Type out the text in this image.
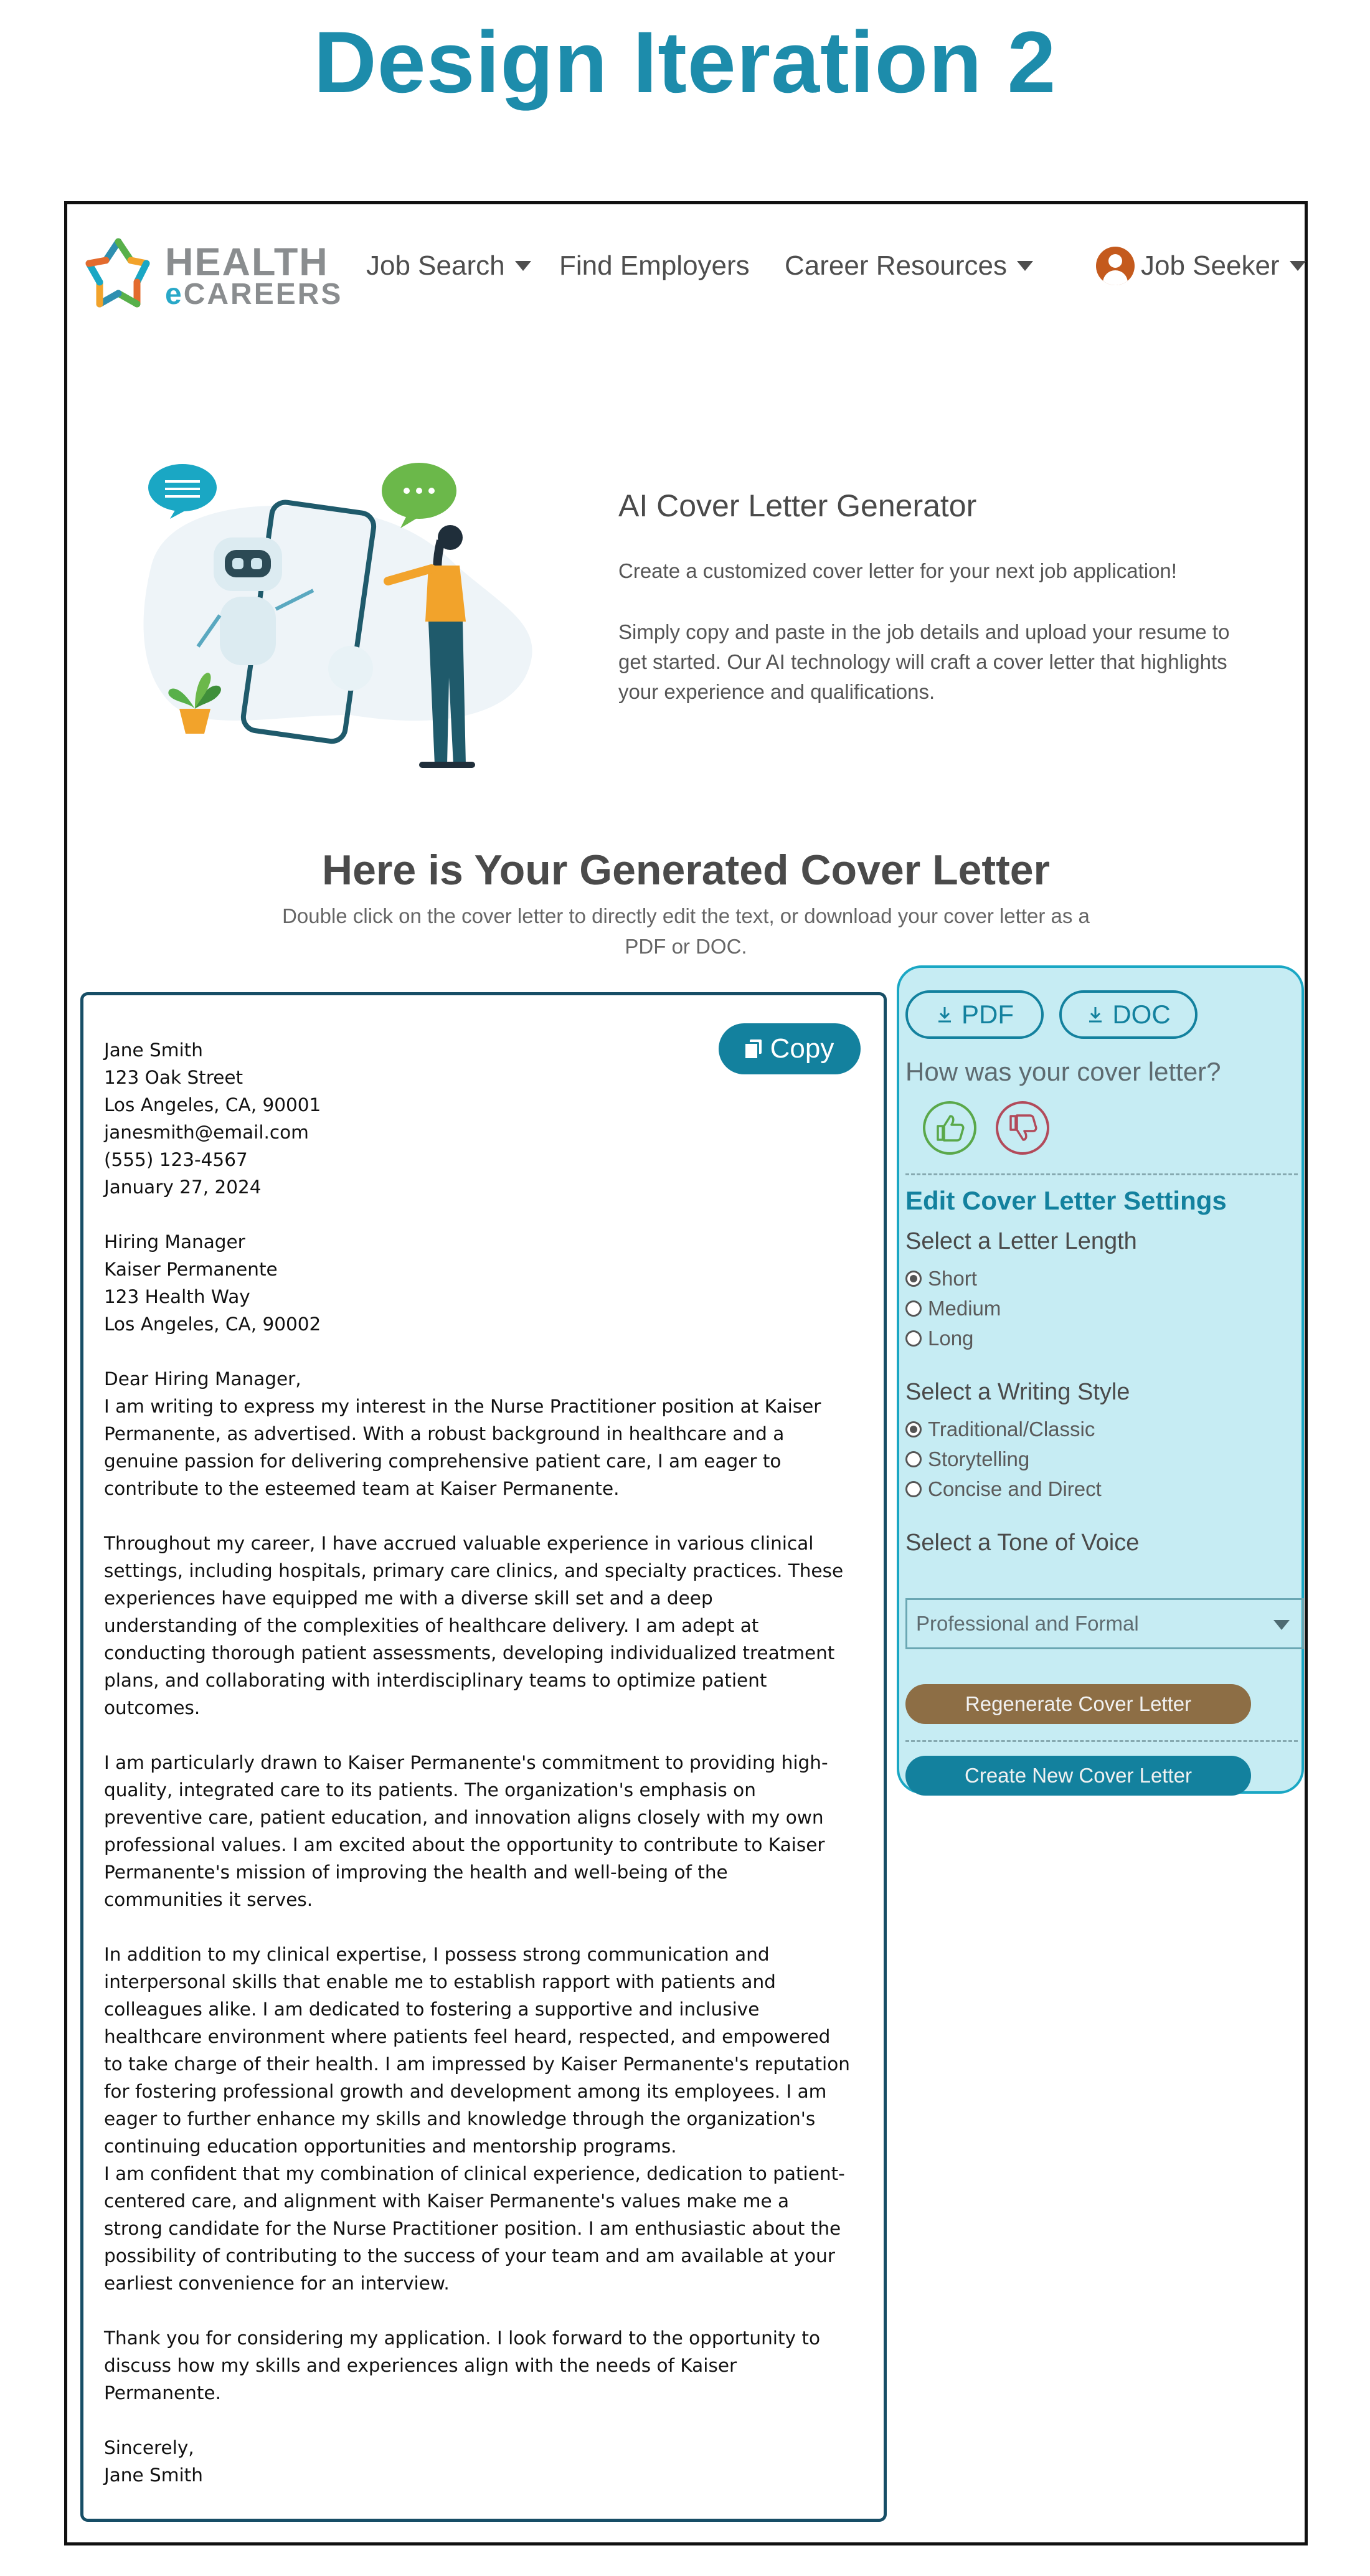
Design Iteration 2
HEALTH
eCAREERS
Job Search Find Employers Career Resources	Job Seeker
AI Cover Letter Generator
Create a customized cover letter for your next job application!
Simply copy and paste in the job details and upload your resume to get started. Our AI technology will craft a cover letter that highlights your experience and qualifications.
Here is Your Generated Cover Letter
Double click on the cover letter to directly edit the text, or download your cover letter as a PDF or DOC.
Copy
Jane Smith
123 Oak Street
Los Angeles, CA, 90001
janesmith@email.com
(555) 123-4567
January 27, 2024
Hiring Manager
Kaiser Permanente
123 Health Way
Los Angeles, CA, 90002
Dear Hiring Manager,
I am writing to express my interest in the Nurse Practitioner position at Kaiser Permanente, as advertised. With a robust background in healthcare and a genuine passion for delivering comprehensive patient care, I am eager to contribute to the esteemed team at Kaiser Permanente.
Throughout my career, I have accrued valuable experience in various clinical settings, including hospitals, primary care clinics, and specialty practices. These experiences have equipped me with a diverse skill set and a deep understanding of the complexities of healthcare delivery. I am adept at conducting thorough patient assessments, developing individualized treatment plans, and collaborating with interdisciplinary teams to optimize patient outcomes.
I am particularly drawn to Kaiser Permanente's commitment to providing high-quality, integrated care to its patients. The organization's emphasis on preventive care, patient education, and innovation aligns closely with my own professional values. I am excited about the opportunity to contribute to Kaiser Permanente's mission of improving the health and well-being of the communities it serves.
In addition to my clinical expertise, I possess strong communication and interpersonal skills that enable me to establish rapport with patients and colleagues alike. I am dedicated to fostering a supportive and inclusive healthcare environment where patients feel heard, respected, and empowered to take charge of their health. I am impressed by Kaiser Permanente's reputation for fostering professional growth and development among its employees. I am eager to further enhance my skills and knowledge through the organization's continuing education opportunities and mentorship programs.
I am confident that my combination of clinical experience, dedication to patient-centered care, and alignment with Kaiser Permanente's values make me a strong candidate for the Nurse Practitioner position. I am enthusiastic about the possibility of contributing to the success of your team and am available at your earliest convenience for an interview.
Thank you for considering my application. I look forward to the opportunity to discuss how my skills and experiences align with the needs of Kaiser Permanente.
Sincerely,
Jane Smith
PDF	DOC
How was your cover letter?
Edit Cover Letter Settings
Select a Letter Length
Short
Medium
Long
Select a Writing Style
Traditional/Classic
Storytelling
Concise and Direct
Select a Tone of Voice
Professional and Formal
Regenerate Cover Letter
Create New Cover Letter
